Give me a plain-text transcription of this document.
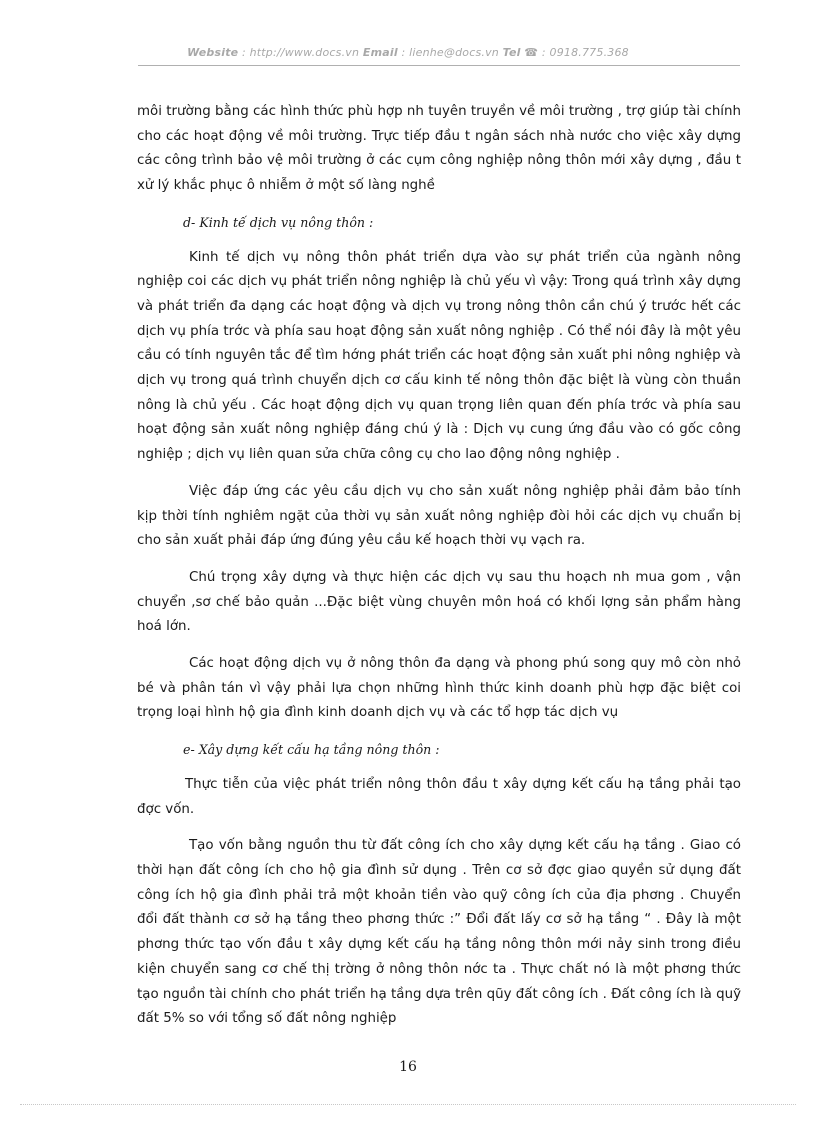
Website : http://www.docs.vn Email : lienhe@docs.vn Tel ☎ : 0918.775.368

môi trường bằng các hình thức phù hợp nh tuyên truyền về môi trường , trợ giúp tài chính cho các hoạt động về môi trường. Trực tiếp đầu t ngân sách nhà nước cho việc xây dựng các công trình bảo vệ môi trường ở các cụm công nghiệp nông thôn mới xây dựng , đầu t xử lý khắc phục ô nhiễm ở một số làng nghề

d- Kinh tế dịch vụ nông thôn :

Kinh tế dịch vụ nông thôn phát triển dựa vào sự phát triển của ngành nông nghiệp coi các dịch vụ phát triển nông nghiệp là chủ yếu vì vậy: Trong quá trình xây dựng và phát triển đa dạng các hoạt động và dịch vụ trong nông thôn cần chú ý trước hết các dịch vụ phía trớc và phía sau hoạt động sản xuất nông nghiệp . Có thể nói đây là một yêu cầu có tính nguyên tắc để tìm hớng phát triển các hoạt động sản xuất phi nông nghiệp và dịch vụ trong quá trình chuyển dịch cơ cấu kinh tế nông thôn đặc biệt là vùng còn thuần nông là chủ yếu . Các hoạt động dịch vụ quan trọng liên quan đến phía trớc và phía sau hoạt động sản xuất nông nghiệp đáng chú ý là : Dịch vụ cung ứng đầu vào có gốc công nghiệp ; dịch vụ liên quan sửa chữa công cụ cho lao động nông nghiệp .

Việc đáp ứng các yêu cầu dịch vụ cho sản xuất nông nghiệp phải đảm bảo tính kịp thời tính nghiêm ngặt của thời vụ sản xuất nông nghiệp đòi hỏi các dịch vụ chuẩn bị cho sản xuất phải đáp ứng đúng yêu cầu kế hoạch thời vụ vạch ra.

Chú trọng xây dựng và thực hiện các dịch vụ sau thu hoạch nh mua gom , vận chuyển ,sơ chế bảo quản ...Đặc biệt vùng chuyên môn hoá có khối lợng sản phẩm hàng hoá lớn.

Các hoạt động dịch vụ ở nông thôn đa dạng và phong phú song quy mô còn nhỏ bé và phân tán vì vậy phải lựa chọn những hình thức kinh doanh phù hợp đặc biệt coi trọng loại hình hộ gia đình kinh doanh dịch vụ và các tổ hợp tác dịch vụ

e- Xây dựng kết cấu hạ tầng nông thôn :

Thực tiễn của việc phát triển nông thôn đầu t xây dựng kết cấu hạ tầng phải tạo đợc vốn.

Tạo vốn bằng nguồn thu từ đất công ích cho xây dựng kết cấu hạ tầng . Giao có thời hạn đất công ích cho hộ gia đình sử dụng . Trên cơ sở đợc giao quyền sử dụng đất công ích hộ gia đình phải trả một khoản tiền vào quỹ công ích của địa phơng . Chuyển đổi đất thành cơ sở hạ tầng theo phơng thức :” Đổi đất lấy cơ sở hạ tầng “ . Đây là một phơng thức tạo vốn đầu t xây dựng kết cấu hạ tầng nông thôn mới nảy sinh trong điều kiện chuyển sang cơ chế thị trờng ở nông thôn nớc ta . Thực chất nó là một phơng thức tạo nguồn tài chính cho phát triển hạ tầng dựa trên qũy đất công ích . Đất công ích là quỹ đất 5% so với tổng số đất nông nghiệp

16
